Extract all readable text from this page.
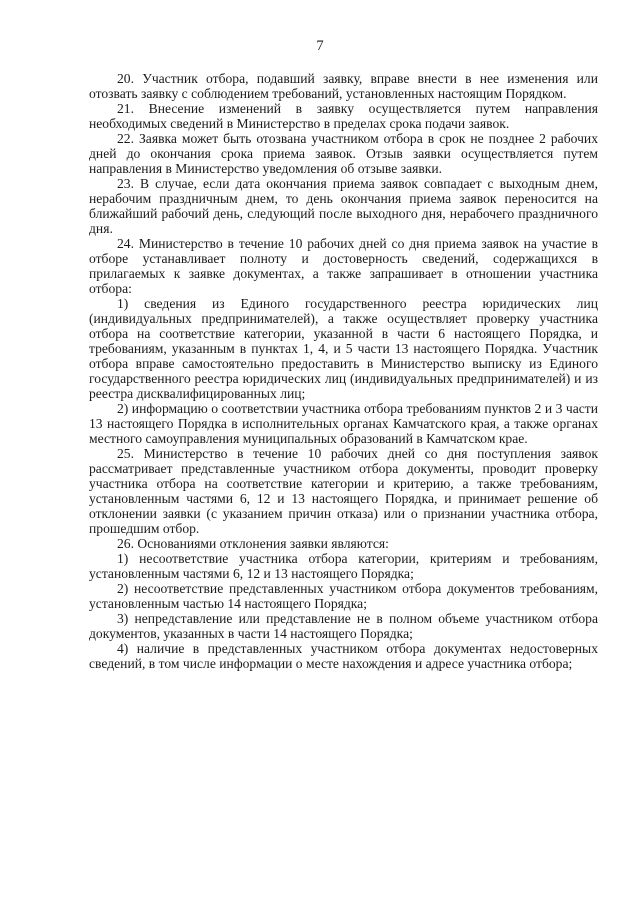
7

20. Участник отбора, подавший заявку, вправе внести в нее изменения или отозвать заявку с соблюдением требований, установленных настоящим Порядком.

21. Внесение изменений в заявку осуществляется путем направления необходимых сведений в Министерство в пределах срока подачи заявок.

22. Заявка может быть отозвана участником отбора в срок не позднее 2 рабочих дней до окончания срока приема заявок. Отзыв заявки осуществляется путем направления в Министерство уведомления об отзыве заявки.

23. В случае, если дата окончания приема заявок совпадает с выходным днем, нерабочим праздничным днем, то день окончания приема заявок переносится на ближайший рабочий день, следующий после выходного дня, нерабочего праздничного дня.

24. Министерство в течение 10 рабочих дней со дня приема заявок на участие в отборе устанавливает полноту и достоверность сведений, содержащихся в прилагаемых к заявке документах, а также запрашивает в отношении участника отбора:

1) сведения из Единого государственного реестра юридических лиц (индивидуальных предпринимателей), а также осуществляет проверку участника отбора на соответствие категории, указанной в части 6 настоящего Порядка, и требованиям, указанным в пунктах 1, 4, и 5 части 13 настоящего Порядка. Участник отбора вправе самостоятельно предоставить в Министерство выписку из Единого государственного реестра юридических лиц (индивидуальных предпринимателей) и из реестра дисквалифицированных лиц;

2) информацию о соответствии участника отбора требованиям пунктов 2 и 3 части 13 настоящего Порядка в исполнительных органах Камчатского края, а также органах местного самоуправления муниципальных образований в Камчатском крае.

25. Министерство в течение 10 рабочих дней со дня поступления заявок рассматривает представленные участником отбора документы, проводит проверку участника отбора на соответствие категории и критерию, а также требованиям, установленным частями 6, 12 и 13 настоящего Порядка, и принимает решение об отклонении заявки (с указанием причин отказа) или о признании участника отбора, прошедшим отбор.

26. Основаниями отклонения заявки являются:

1) несоответствие участника отбора категории, критериям и требованиям, установленным частями 6, 12 и 13 настоящего Порядка;

2) несоответствие представленных участником отбора документов требованиям, установленным частью 14 настоящего Порядка;

3) непредставление или представление не в полном объеме участником отбора документов, указанных в части 14 настоящего Порядка;

4) наличие в представленных участником отбора документах недостоверных сведений, в том числе информации о месте нахождения и адресе участника отбора;
